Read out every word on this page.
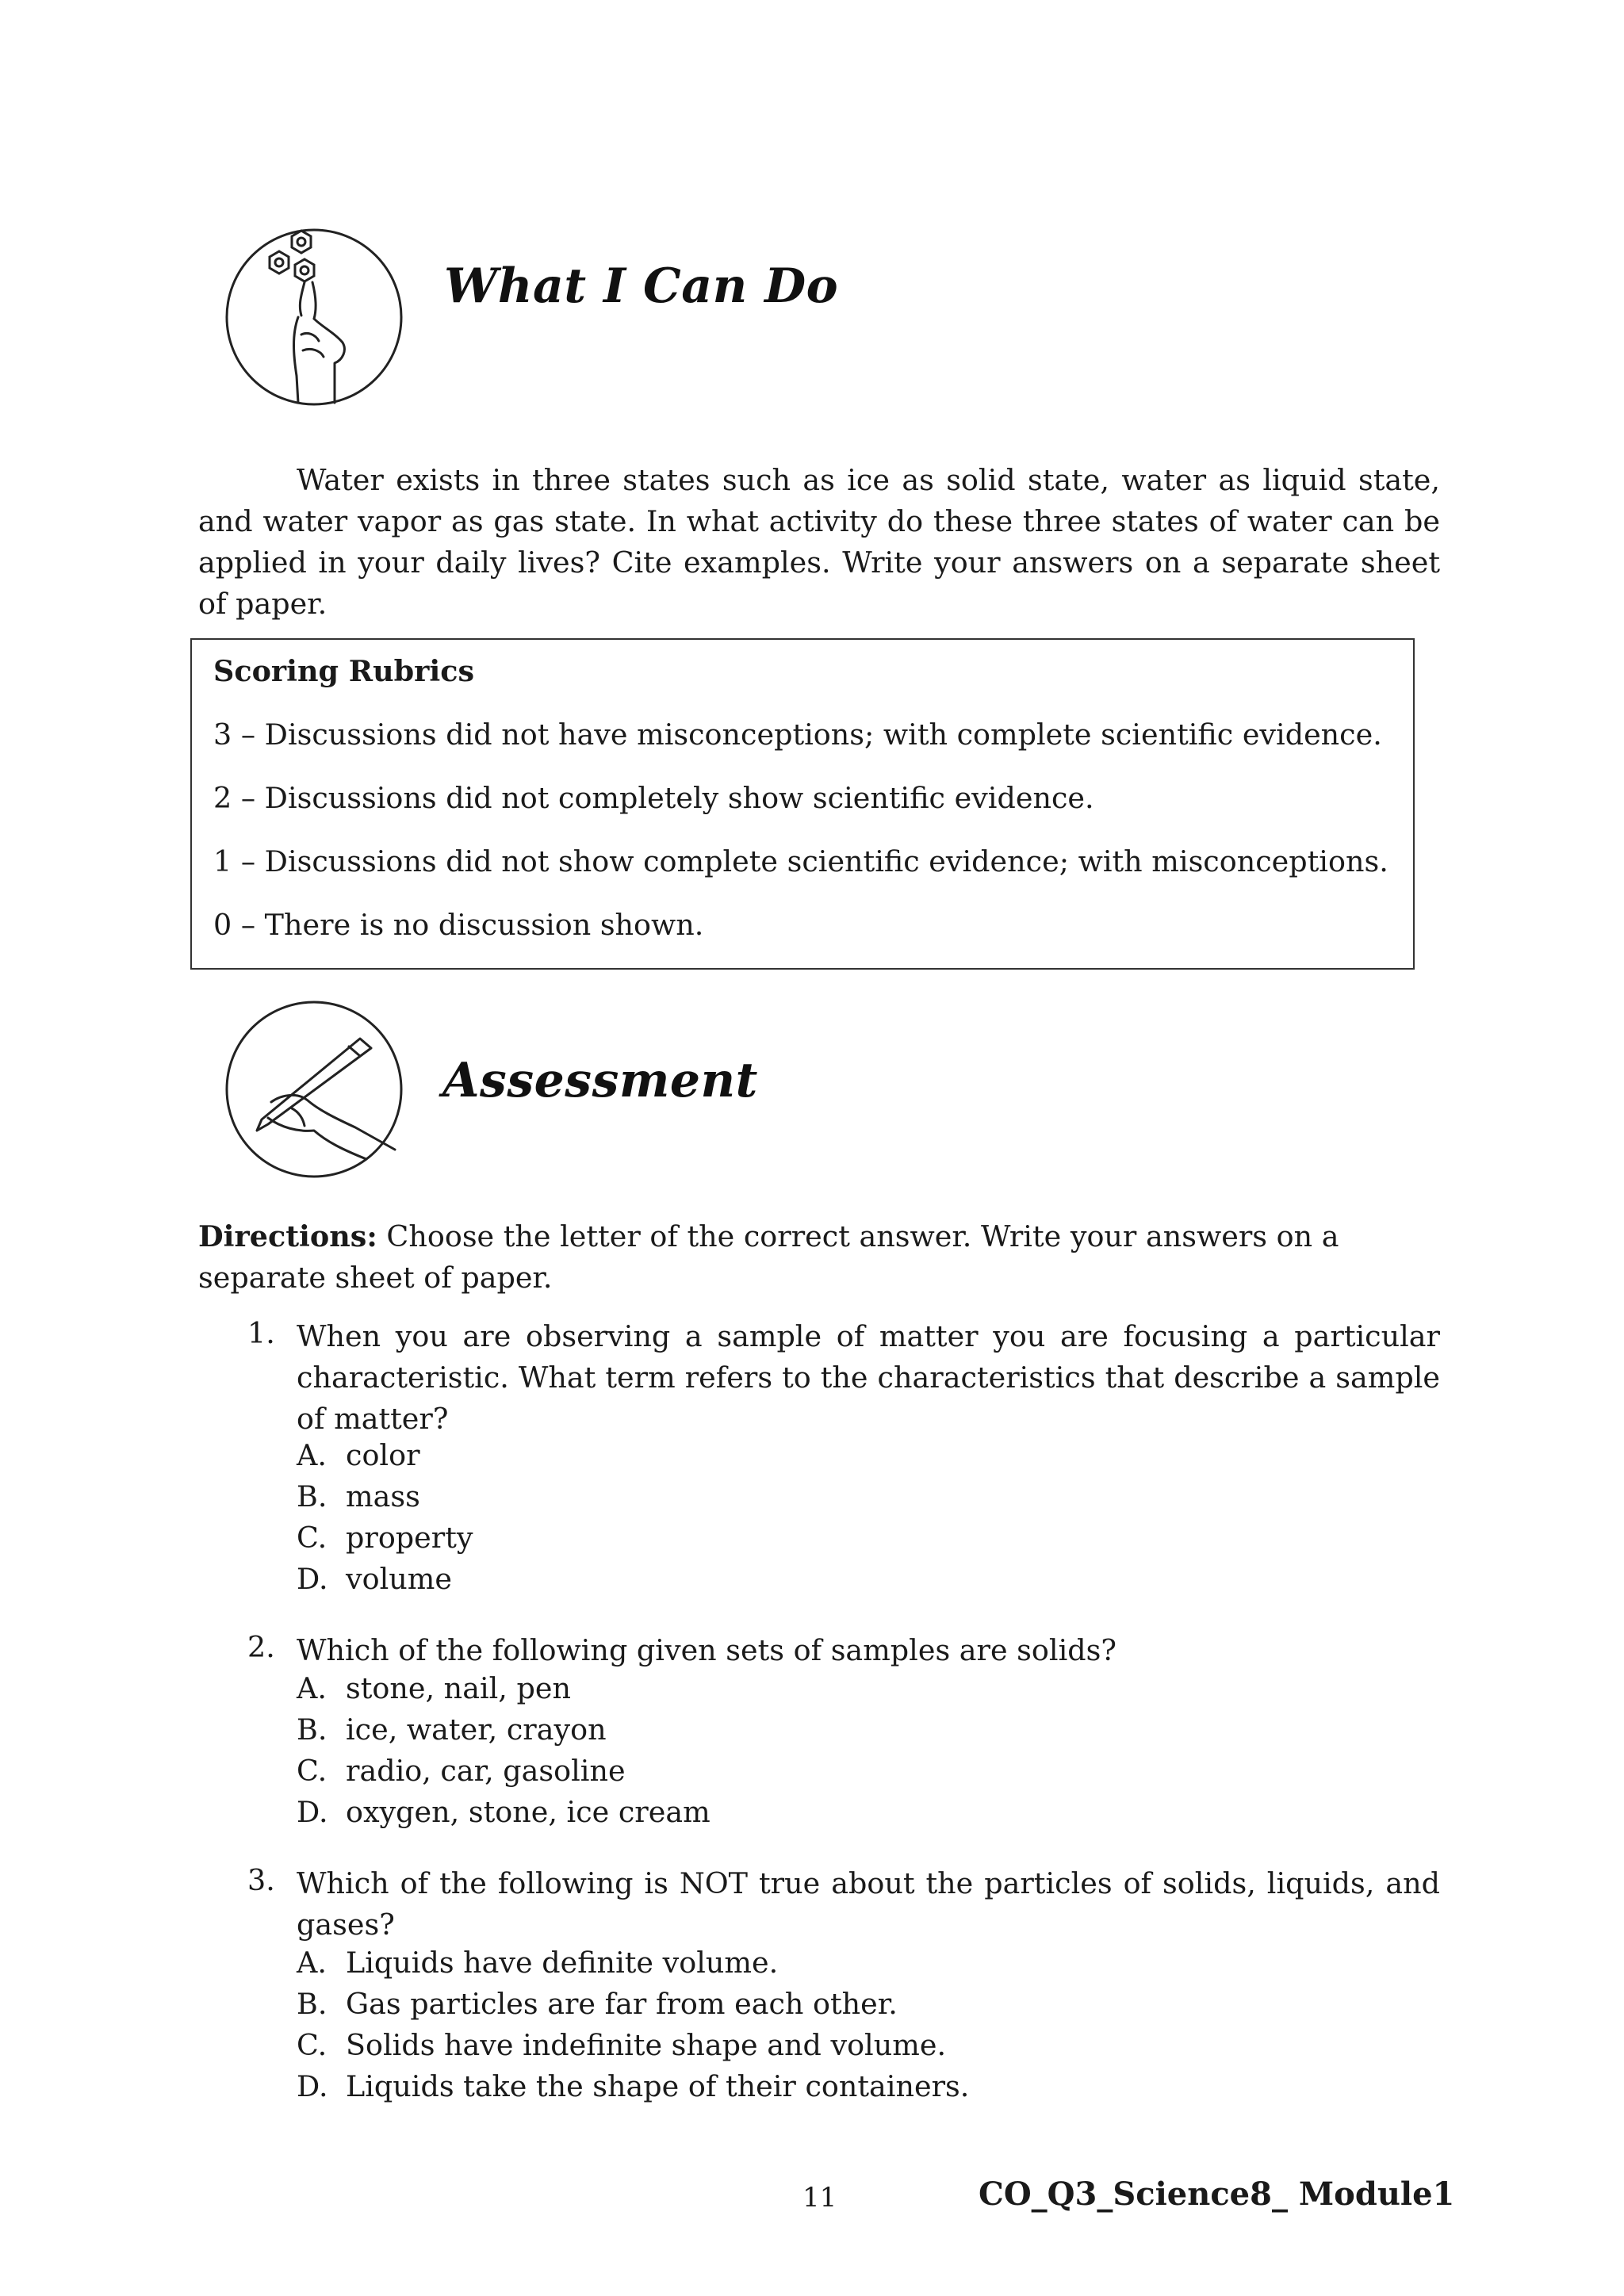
What I Can Do
Water exists in three states such as ice as solid state, water as liquid state, and water vapor as gas state. In what activity do these three states of water can be applied in your daily lives? Cite examples. Write your answers on a separate sheet of paper.
Scoring Rubrics
3 – Discussions did not have misconceptions; with complete scientific evidence.
2 – Discussions did not completely show scientific evidence.
1 – Discussions did not show complete scientific evidence; with misconceptions.
0 – There is no discussion shown.
Assessment
Directions: Choose the letter of the correct answer. Write your answers on a separate sheet of paper.
1. When you are observing a sample of matter you are focusing a particular characteristic. What term refers to the characteristics that describe a sample of matter?
A. color
B. mass
C. property
D. volume
2. Which of the following given sets of samples are solids?
A. stone, nail, pen
B. ice, water, crayon
C. radio, car, gasoline
D. oxygen, stone, ice cream
3. Which of the following is NOT true about the particles of solids, liquids, and gases?
A. Liquids have definite volume.
B. Gas particles are far from each other.
C. Solids have indefinite shape and volume.
D. Liquids take the shape of their containers.
11	CO_Q3_Science8_ Module1
